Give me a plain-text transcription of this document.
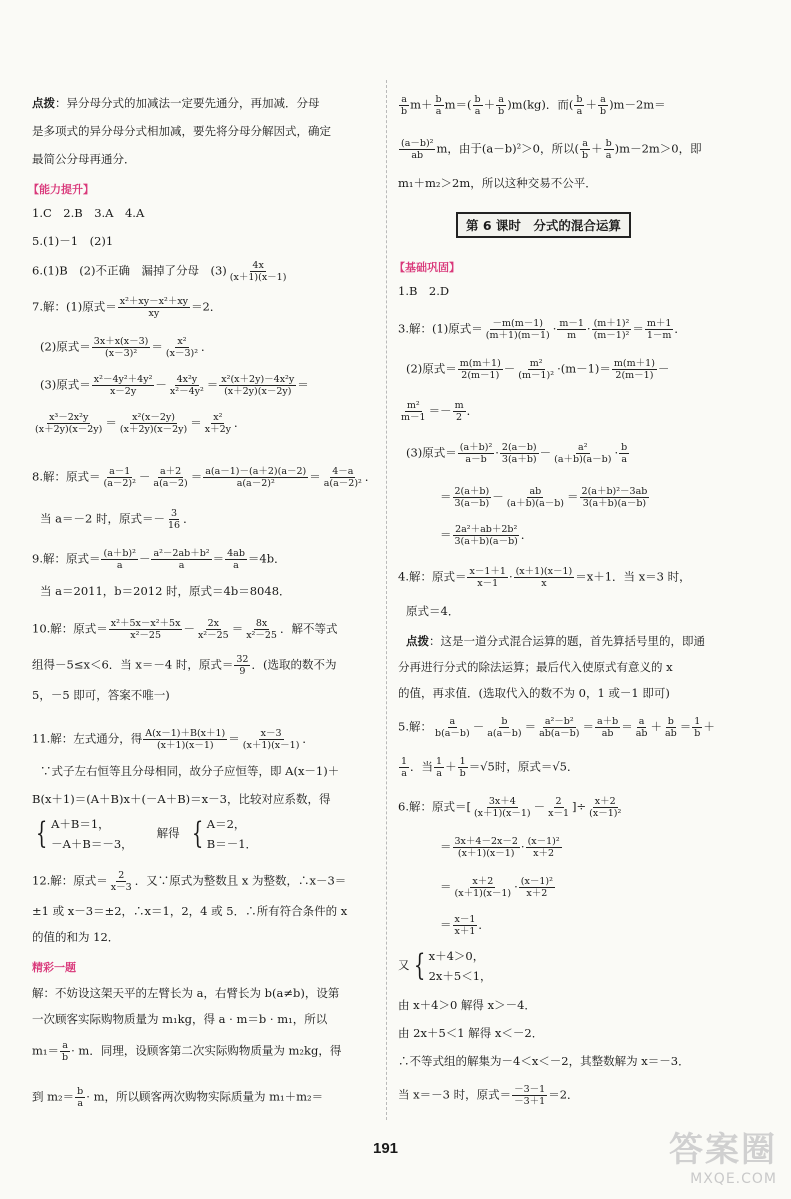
点拨：异分母分式的加减法一定要先通分，再加减．分母
是多项式的异分母分式相加减，要先将分母分解因式，确定
最简公分母再通分．
【能力提升】
1.C　2.B　3.A　4.A
5.(1)－1　(2)1
6.(1)B　(2)不正确　漏掉了分母　$(3) \frac{4x}{(x+1)(x-1)}$
7.解：(1)原式＝ $\frac{\text{x²＋xy－x²＋xy}}{xy} =2$．
(2)原式＝ $\frac{3x+x(x-3)}{\text{(x－3)²}} = \frac{\text{x²}}{\text{(x－3)²}}$ ．
(3)原式＝ $\frac{\text{x²－4y²＋4y²}}{x-2y} - \frac{\text{4x²y}}{\text{x²－4y²}} = \frac{\text{x²(x＋2y)－4x²y}}{(x+2y)(x-2y)}$ ＝
$\frac{\text{x³－2x²y}}{(x+2y)(x-2y)} = \frac{\text{x²(x－2y)}}{(x+2y)(x-2y)} = \frac{\text{x²}}{x+2y}$ ．
8.解：原式＝ $\frac{a-1}{\text{(a－2)²}} - \frac{a+2}{a(a-2)} = \frac{a(a-1)-(a+2)(a-2)}{\text{a(a－2)²}} = \frac{4-a}{\text{a(a－2)²}}$ ．
当 a＝－2 时，原式＝－ $\frac{3}{16}$ ．
9.解：原式＝ $\frac{\text{(a＋b)²}}{a} - \frac{\text{a²－2ab＋b²}}{a} = \frac{4ab}{a} =4b$．
当 a＝2011，b＝2012 时，原式＝4b＝8048．
10.解：原式＝ $\frac{\text{x²＋5x－x²＋5x}}{\text{x²－25}} - \frac{2x}{\text{x²－25}} = \frac{8x}{\text{x²－25}}$ ．解不等式
组得－5≤x＜6．当 x＝－4 时，原式＝ $\frac{32}{9}$ ．(选取的数不为
5，－5 即可，答案不唯一)
11.解：左式通分，得 $\frac{A(x-1)+B(x+1)}{(x+1)(x-1)} = \frac{x-3}{(x+1)(x-1)}$ ．
∵式子左右恒等且分母相同，故分子应恒等，即 A(x－1)＋
B(x＋1)＝(A＋B)x＋(－A＋B)＝x－3，比较对应系数，得
{ A＋B＝1，
－A＋B＝－3，
解得 { A＝2，
B＝－1．
12.解：原式＝ $\frac{2}{x-3}$ ．又∵原式为整数且 x 为整数，∴x－3＝
±1 或 x－3＝±2，∴x＝1，2，4 或 5．∴所有符合条件的 x
的值的和为 12．
精彩一题
解：不妨设这架天平的左臂长为 a，右臂长为 b(a≠b)，设第
一次顾客实际购物质量为 m₁kg，得 a · m＝b · m₁，所以
$m_1= \frac{a}{b} \cdot m$．同理，设顾客第二次实际购物质量为 m₂kg，得
到 $m_2= \frac{b}{a} \cdot m$，所以顾客两次购物实际质量为 m₁＋m₂＝
$\frac{a}{b} m+ \frac{b}{a} m=( \frac{b}{a} + \frac{a}{b} )m(kg)$．而( $\frac{b}{a} + \frac{a}{b} )m-2m=$
$\frac{\text{(a－b)²}}{ab}$ m，由于(a－b)²＞0，所以( $\frac{a}{b} + \frac{b}{a} )m-2m>0$，即
m₁＋m₂＞2m，所以这种交易不公平．
第 6 课时　分式的混合运算
【基础巩固】
1.B　2.D
3.解：(1)原式＝ $\frac{-m(m-1)}{(m+1)(m-1)} \cdot \frac{m-1}{m} \cdot \frac{\text{(m＋1)²}}{\text{(m－1)²}} = \frac{m+1}{1-m}$ ．
(2)原式＝ $\frac{m(m+1)}{2(m-1)} - \frac{\text{m²}}{\text{(m－1)²}} \cdot(m-1)= \frac{m(m+1)}{2(m-1)}$ －
$\frac{\text{m²}}{m-1} =- \frac{m}{2}$ ．
(3)原式＝ $\frac{\text{(a＋b)²}}{a-b} \cdot \frac{2(a-b)}{3(a+b)} - \frac{\text{a²}}{(a+b)(a-b)} \cdot \frac{b}{a}$
＝ $\frac{2(a+b)}{3(a-b)} - \frac{ab}{(a+b)(a-b)} = \frac{\text{2(a＋b)²－3ab}}{3(a+b)(a-b)}$
＝ $\frac{\text{2a²＋ab＋2b²}}{3(a+b)(a-b)}$ ．
4.解：原式＝ $\frac{x-1+1}{x-1} \cdot \frac{(x+1)(x-1)}{x} =x+1$．当 x＝3 时，
原式＝4．
点拨：这是一道分式混合运算的题，首先算括号里的，即通
分再进行分式的除法运算；最后代入使原式有意义的 x
的值，再求值．(选取代入的数不为 0，1 或－1 即可)
5.解： $\frac{a}{b(a-b)} - \frac{b}{a(a-b)} = \frac{\text{a²－b²}}{ab(a-b)} = \frac{a+b}{ab} = \frac{a}{ab} + \frac{b}{ab} = \frac{1}{b}$ ＋
$\frac{1}{a}$ ．当 $\frac{1}{a} + \frac{1}{b} =√5$时，原式＝√5．
6.解：原式＝[ $\frac{3x+4}{(x+1)(x-1)} - \frac{2}{x-1}$ ]÷ $\frac{x+2}{\text{(x－1)²}}$
＝ $\frac{3x+4-2x-2}{(x+1)(x-1)} \cdot \frac{\text{(x－1)²}}{x+2}$
＝ $\frac{x+2}{(x+1)(x-1)} \cdot \frac{\text{(x－1)²}}{x+2}$
＝ $\frac{x-1}{x+1}$ ．
又 { x＋4＞0，
2x＋5＜1，
由 x＋4＞0 解得 x＞－4．
由 2x＋5＜1 解得 x＜－2．
∴不等式组的解集为－4＜x＜－2，其整数解为 x＝－3．
当 x＝－3 时，原式＝ $\frac{-3-1}{-3+1} =2$．
191	答案圈
MXQE.COM
